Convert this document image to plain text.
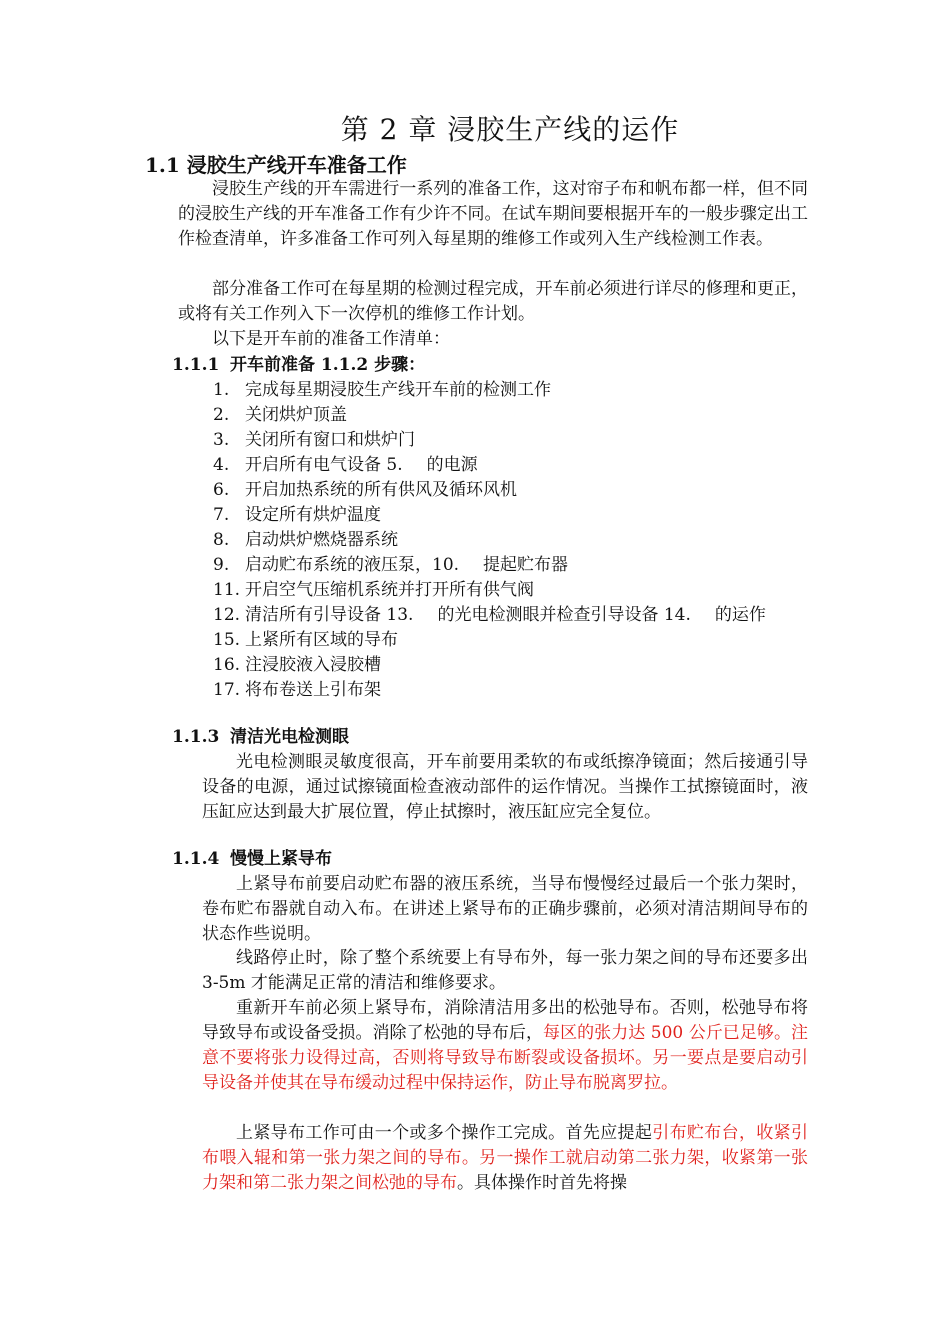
第 2 章 浸胶生产线的运作
1.1 浸胶生产线开车准备工作

浸胶生产线的开车需进行一系列的准备工作，这对帘子布和帆布都一样，但不同的浸胶生产线的开车准备工作有少许不同。在试车期间要根据开车的一般步骤定出工作检查清单，许多准备工作可列入每星期的维修工作或列入生产线检测工作表。

部分准备工作可在每星期的检测过程完成，开车前必须进行详尽的修理和更正，或将有关工作列入下一次停机的维修工作计划。

以下是开车前的准备工作清单：

1.1.1 开车前准备 1.1.2 步骤：
1. 完成每星期浸胶生产线开车前的检测工作
2. 关闭烘炉顶盖
3. 关闭所有窗口和烘炉门
4. 开启所有电气设备 5. 的电源
6. 开启加热系统的所有供风及循环风机
7. 设定所有烘炉温度
8. 启动烘炉燃烧器系统
9. 启动贮布系统的液压泵，10. 提起贮布器
11. 开启空气压缩机系统并打开所有供气阀
12. 清洁所有引导设备 13. 的光电检测眼并检查引导设备 14. 的运作
15. 上紧所有区域的导布
16. 注浸胶液入浸胶槽
17. 将布卷送上引布架
1.1.3 清洁光电检测眼

光电检测眼灵敏度很高，开车前要用柔软的布或纸擦净镜面；然后接通引导设备的电源，通过试擦镜面检查液动部件的运作情况。当操作工拭擦镜面时，液压缸应达到最大扩展位置，停止拭擦时，液压缸应完全复位。

1.1.4 慢慢上紧导布

上紧导布前要启动贮布器的液压系统，当导布慢慢经过最后一个张力架时，卷布贮布器就自动入布。在讲述上紧导布的正确步骤前，必须对清洁期间导布的状态作些说明。

线路停止时，除了整个系统要上有导布外，每一张力架之间的导布还要多出 3-5m 才能满足正常的清洁和维修要求。

重新开车前必须上紧导布，消除清洁用多出的松弛导布。否则，松弛导布将导致导布或设备受损。消除了松弛的导布后，每区的张力达 500 公斤已足够。注意不要将张力设得过高，否则将导致导布断裂或设备损坏。另一要点是要启动引导设备并使其在导布缓动过程中保持运作，防止导布脱离罗拉。

上紧导布工作可由一个或多个操作工完成。首先应提起引布贮布台，收紧引布喂入辊和第一张力架之间的导布。另一操作工就启动第二张力架，收紧第一张力架和第二张力架之间松弛的导布。具体操作时首先将操
